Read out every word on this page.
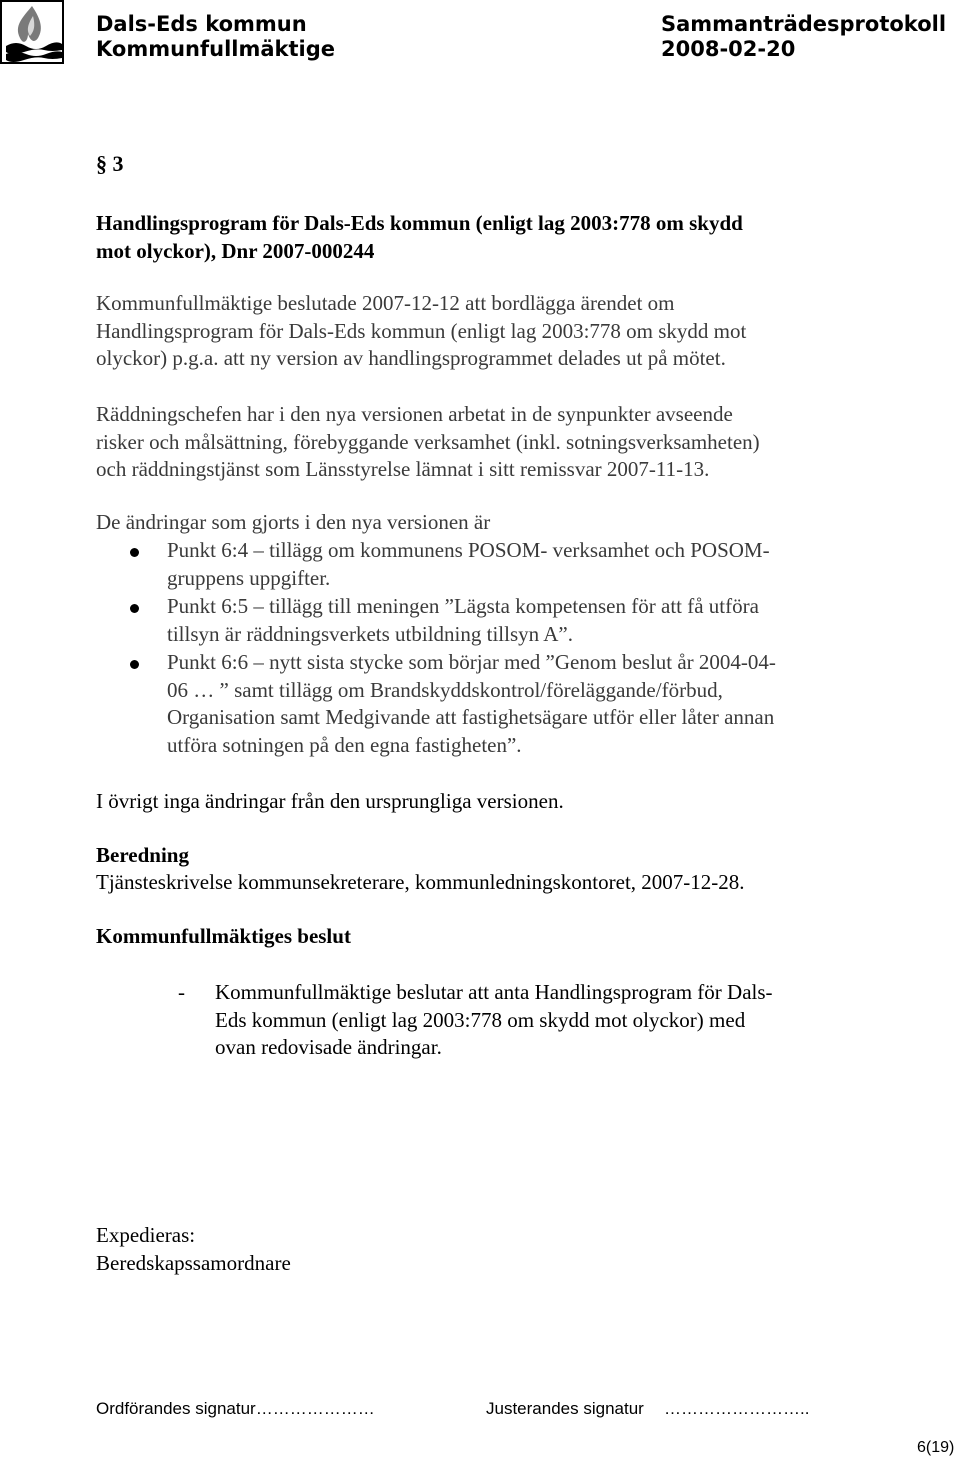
Dals-Eds kommun
Kommunfullmäktige
Sammanträdesprotokoll
2008-02-20
§ 3
Handlingsprogram för Dals-Eds kommun (enligt lag 2003:778 om skydd
mot olyckor), Dnr 2007-000244
Kommunfullmäktige beslutade 2007-12-12 att bordlägga ärendet om
Handlingsprogram för Dals-Eds kommun (enligt lag 2003:778 om skydd mot
olyckor) p.g.a. att ny version av handlingsprogrammet delades ut på mötet.
Räddningschefen har i den nya versionen arbetat in de synpunkter avseende
risker och målsättning, förebyggande verksamhet (inkl. sotningsverksamheten)
och räddningstjänst som Länsstyrelse lämnat i sitt remissvar 2007-11-13.
De ändringar som gjorts i den nya versionen är
Punkt 6:4 – tillägg om kommunens POSOM- verksamhet och POSOM-
gruppens uppgifter.
Punkt 6:5 – tillägg till meningen ”Lägsta kompetensen för att få utföra
tillsyn är räddningsverkets utbildning tillsyn A”.
Punkt 6:6 – nytt sista stycke som börjar med ”Genom beslut år 2004-04-
06 … ” samt tillägg om Brandskyddskontrol/föreläggande/förbud,
Organisation samt Medgivande att fastighetsägare utför eller låter annan
utföra sotningen på den egna fastigheten”.
I övrigt inga ändringar från den ursprungliga versionen.
Beredning
Tjänsteskrivelse kommunsekreterare, kommunledningskontoret, 2007-12-28.
Kommunfullmäktiges beslut
- Kommunfullmäktige beslutar att anta Handlingsprogram för Dals-
Eds kommun (enligt lag 2003:778 om skydd mot olyckor) med
ovan redovisade ändringar.
Expedieras:
Beredskapssamordnare
Ordförandes signatur…………………	Justerandes signatur ……………………..
6(19)
